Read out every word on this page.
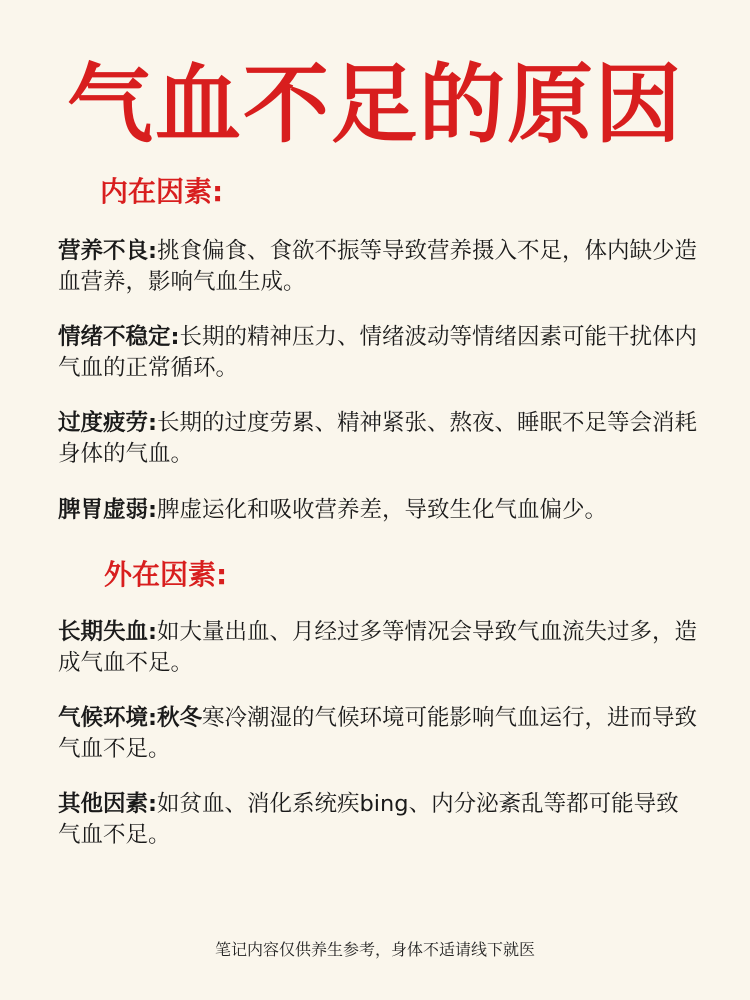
气血不足的原因
内在因素:
营养不良:挑食偏食、食欲不振等导致营养摄入不足，体内缺少造血营养，影响气血生成。
情绪不稳定:长期的精神压力、情绪波动等情绪因素可能干扰体内气血的正常循环。
过度疲劳:长期的过度劳累、精神紧张、熬夜、睡眠不足等会消耗身体的气血。
脾胃虚弱:脾虚运化和吸收营养差，导致生化气血偏少。
外在因素:
长期失血:如大量出血、月经过多等情况会导致气血流失过多，造成气血不足。
气候环境:秋冬寒冷潮湿的气候环境可能影响气血运行，进而导致气血不足。
其他因素:如贫血、消化系统疾bing、内分泌紊乱等都可能导致气血不足。
笔记内容仅供养生参考，身体不适请线下就医
